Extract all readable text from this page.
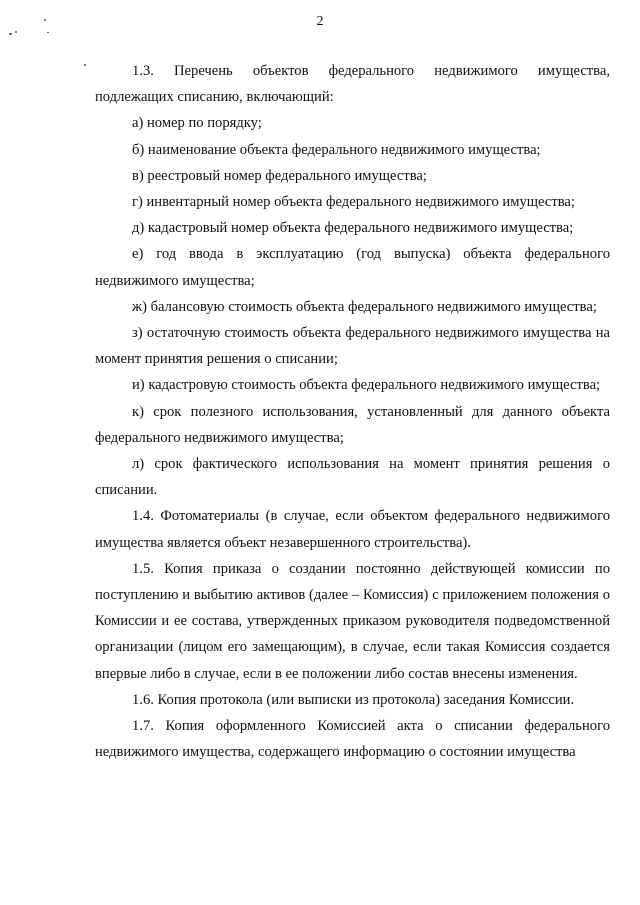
2

1.3. Перечень объектов федерального недвижимого имущества, подлежащих списанию, включающий:

а) номер по порядку;

б) наименование объекта федерального недвижимого имущества;

в) реестровый номер федерального имущества;

г) инвентарный номер объекта федерального недвижимого имущества;

д) кадастровый номер объекта федерального недвижимого имущества;

е) год ввода в эксплуатацию (год выпуска) объекта федерального недвижимого имущества;

ж) балансовую стоимость объекта федерального недвижимого имущества;

з) остаточную стоимость объекта федерального недвижимого имущества на момент принятия решения о списании;

и) кадастровую стоимость объекта федерального недвижимого имущества;

к) срок полезного использования, установленный для данного объекта федерального недвижимого имущества;

л) срок фактического использования на момент принятия решения о списании.

1.4. Фотоматериалы (в случае, если объектом федерального недвижимого имущества является объект незавершенного строительства).

1.5. Копия приказа о создании постоянно действующей комиссии по поступлению и выбытию активов (далее – Комиссия) с приложением положения о Комиссии и ее состава, утвержденных приказом руководителя подведомственной организации (лицом его замещающим), в случае, если такая Комиссия создается впервые либо в случае, если в ее положении либо состав внесены изменения.

1.6. Копия протокола (или выписки из протокола) заседания Комиссии.

1.7. Копия оформленного Комиссией акта о списании федерального недвижимого имущества, содержащего информацию о состоянии имущества
